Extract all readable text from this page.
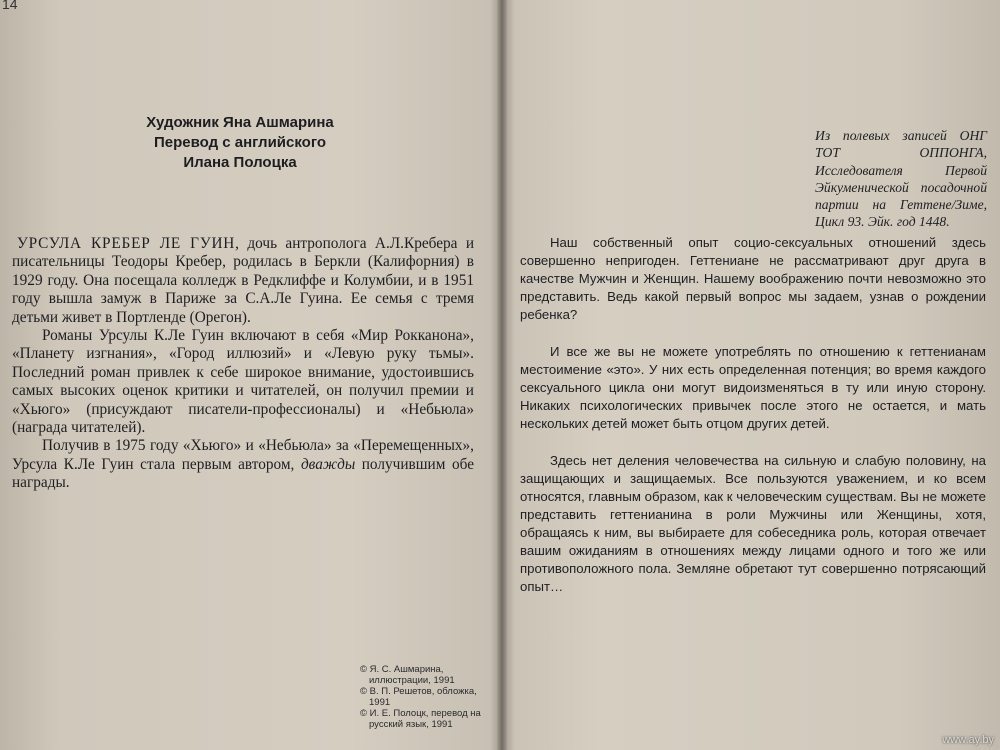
14
Художник Яна Ашмарина
Перевод с английского
Илана Полоцка

УРСУЛА КРЕБЕР ЛЕ ГУИН, дочь антрополога А.Л.Кребера и писательницы Теодоры Кребер, родилась в Беркли (Калифорния) в 1929 году. Она посещала колледж в Редклиффе и Колумбии, и в 1951 году вышла замуж в Париже за С.А.Ле Гуина. Ее семья с тремя детьми живет в Портленде (Орегон).

Романы Урсулы К.Ле Гуин включают в себя «Мир Рокканона», «Планету изгнания», «Город иллюзий» и «Левую руку тьмы». Последний роман привлек к себе широкое внимание, удостоившись самых высоких оценок критики и читателей, он получил премии и «Хьюго» (присуждают писатели-профессионалы) и «Небьюла» (награда читателей).

Получив в 1975 году «Хьюго» и «Небьюла» за «Перемещенных», Урсула К.Ле Гуин стала первым автором, дважды получившим обе награды.

© Я. С. Ашмарина, иллюстрации, 1991
© В. П. Решетов, обложка, 1991
© И. Е. Полоцк, перевод на русский язык, 1991
Из полевых записей ОНГ ТОТ ОППОНГА, Исследователя Первой Эйкуменической посадочной партии на Геттене/Зиме, Цикл 93. Эйк. год 1448.

Наш собственный опыт социо-сексуальных отношений здесь совершенно непригоден. Геттениане не рассматривают друг друга в качестве Мужчин и Женщин. Нашему воображению почти невозможно это представить. Ведь какой первый вопрос мы задаем, узнав о рождении ребенка?

И все же вы не можете употреблять по отношению к геттенианам местоимение «это». У них есть определенная потенция; во время каждого сексуального цикла они могут видоизменяться в ту или иную сторону. Никаких психологических привычек после этого не остается, и мать нескольких детей может быть отцом других детей.

Здесь нет деления человечества на сильную и слабую половину, на защищающих и защищаемых. Все пользуются уважением, и ко всем относятся, главным образом, как к человеческим существам. Вы не можете представить геттенианина в роли Мужчины или Женщины, хотя, обращаясь к ним, вы выбираете для собеседника роль, которая отвечает вашим ожиданиям в отношениях между лицами одного и того же или противоположного пола. Земляне обретают тут совершенно потрясающий опыт…

www.ay.by
